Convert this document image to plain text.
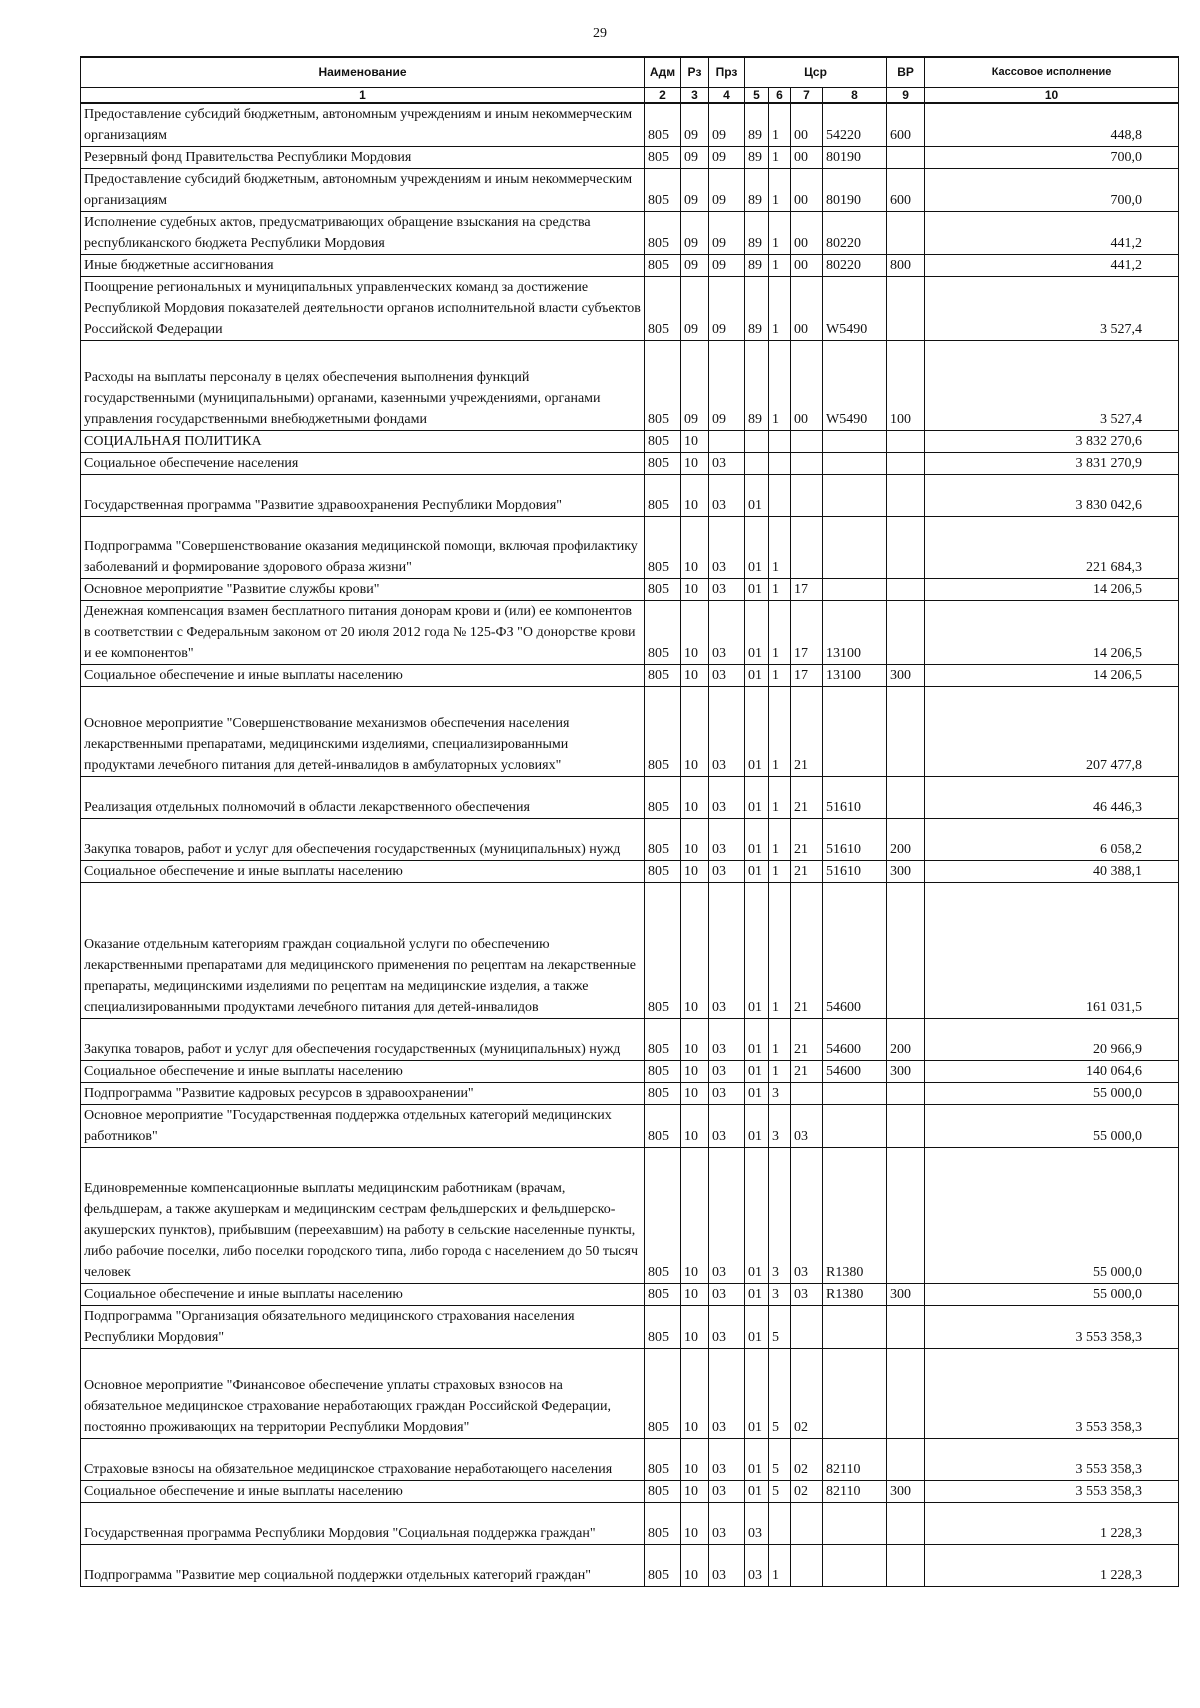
29
Наименование	Адм	Рз	Прз	Цср				ВР	Кассовое исполнение
1	2	3	4	5	6	7	8	9	10
Предоставление субсидий бюджетным, автономным учреждениям и иным некоммерческим организациям	805	09	09	89	1	00	54220	600	448,8
Резервный фонд Правительства Республики Мордовия	805	09	09	89	1	00	80190		700,0
Предоставление субсидий бюджетным, автономным учреждениям и иным некоммерческим организациям	805	09	09	89	1	00	80190	600	700,0
Исполнение судебных актов, предусматривающих обращение взыскания на средства республиканского бюджета Республики Мордовия	805	09	09	89	1	00	80220		441,2
Иные бюджетные ассигнования	805	09	09	89	1	00	80220	800	441,2
Поощрение региональных и муниципальных управленческих команд за достижение Республикой Мордовия показателей деятельности органов исполнительной власти субъектов Российской Федерации	805	09	09	89	1	00	W5490		3 527,4
Расходы на выплаты персоналу в целях обеспечения выполнения функций государственными (муниципальными) органами, казенными учреждениями, органами управления государственными внебюджетными фондами	805	09	09	89	1	00	W5490	100	3 527,4
СОЦИАЛЬНАЯ ПОЛИТИКА	805	10							3 832 270,6
Социальное обеспечение населения	805	10	03						3 831 270,9
Государственная программа "Развитие здравоохранения Республики Мордовия"	805	10	03	01					3 830 042,6
Подпрограмма "Совершенствование оказания медицинской помощи, включая профилактику заболеваний и формирование здорового образа жизни"	805	10	03	01	1				221 684,3
Основное мероприятие "Развитие службы крови"	805	10	03	01	1	17			14 206,5
Денежная компенсация взамен бесплатного питания донорам крови и (или) ее компонентов в соответствии с Федеральным законом от 20 июля 2012 года № 125-ФЗ "О донорстве крови и ее компонентов"	805	10	03	01	1	17	13100		14 206,5
Социальное обеспечение и иные выплаты населению	805	10	03	01	1	17	13100	300	14 206,5
Основное мероприятие "Совершенствование механизмов обеспечения населения лекарственными препаратами, медицинскими изделиями, специализированными продуктами лечебного питания для детей-инвалидов в амбулаторных условиях"	805	10	03	01	1	21			207 477,8
Реализация отдельных полномочий в области лекарственного обеспечения	805	10	03	01	1	21	51610		46 446,3
Закупка товаров, работ и услуг для обеспечения государственных (муниципальных) нужд	805	10	03	01	1	21	51610	200	6 058,2
Социальное обеспечение и иные выплаты населению	805	10	03	01	1	21	51610	300	40 388,1
Оказание отдельным категориям граждан социальной услуги по обеспечению лекарственными препаратами для медицинского применения по рецептам на лекарственные препараты, медицинскими изделиями по рецептам на медицинские изделия, а также специализированными продуктами лечебного питания для детей-инвалидов	805	10	03	01	1	21	54600		161 031,5
Закупка товаров, работ и услуг для обеспечения государственных (муниципальных) нужд	805	10	03	01	1	21	54600	200	20 966,9
Социальное обеспечение и иные выплаты населению	805	10	03	01	1	21	54600	300	140 064,6
Подпрограмма "Развитие кадровых ресурсов в здравоохранении"	805	10	03	01	3				55 000,0
Основное мероприятие "Государственная поддержка отдельных категорий медицинских работников"	805	10	03	01	3	03			55 000,0
Единовременные компенсационные выплаты медицинским работникам (врачам, фельдшерам, а также акушеркам и медицинским сестрам фельдшерских и фельдшерско-акушерских пунктов), прибывшим (переехавшим) на работу в сельские населенные пункты, либо рабочие поселки, либо поселки городского типа, либо города с населением до 50 тысяч человек	805	10	03	01	3	03	R1380		55 000,0
Социальное обеспечение и иные выплаты населению	805	10	03	01	3	03	R1380	300	55 000,0
Подпрограмма "Организация обязательного медицинского страхования населения Республики Мордовия"	805	10	03	01	5				3 553 358,3
Основное мероприятие "Финансовое обеспечение уплаты страховых взносов на обязательное медицинское страхование неработающих граждан Российской Федерации, постоянно проживающих на территории Республики Мордовия"	805	10	03	01	5	02			3 553 358,3
Страховые взносы на обязательное медицинское страхование неработающего населения	805	10	03	01	5	02	82110		3 553 358,3
Социальное обеспечение и иные выплаты населению	805	10	03	01	5	02	82110	300	3 553 358,3
Государственная программа Республики Мордовия "Социальная поддержка граждан"	805	10	03	03					1 228,3
Подпрограмма "Развитие мер социальной поддержки отдельных категорий граждан"	805	10	03	03	1				1 228,3
